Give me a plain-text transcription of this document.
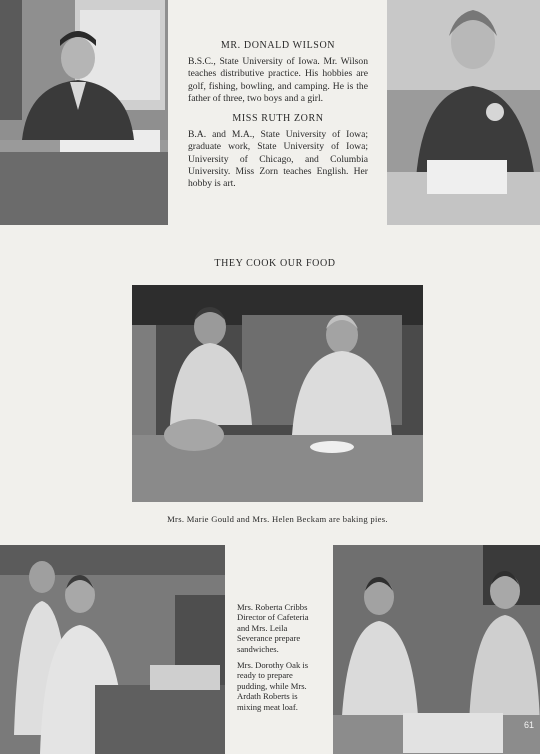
MR. DONALD WILSON

B.S.C., State University of Iowa. Mr. Wilson teaches distributive practice. His hobbies are golf, fishing, bowling, and camping. He is the father of three, two boys and a girl.

MISS RUTH ZORN

B.A. and M.A., State University of Iowa; graduate work, State University of Iowa; University of Chicago, and Columbia University. Miss Zorn teaches English. Her hobby is art.

THEY COOK OUR FOOD
Mrs. Marie Gould and Mrs. Helen Beckam are baking pies.

Mrs. Roberta Cribbs Director of Cafeteria and Mrs. Leila Severance prepare sandwiches.

Mrs. Dorothy Oak is ready to prepare pudding, while Mrs. Ardath Roberts is mixing meat loaf.

61
